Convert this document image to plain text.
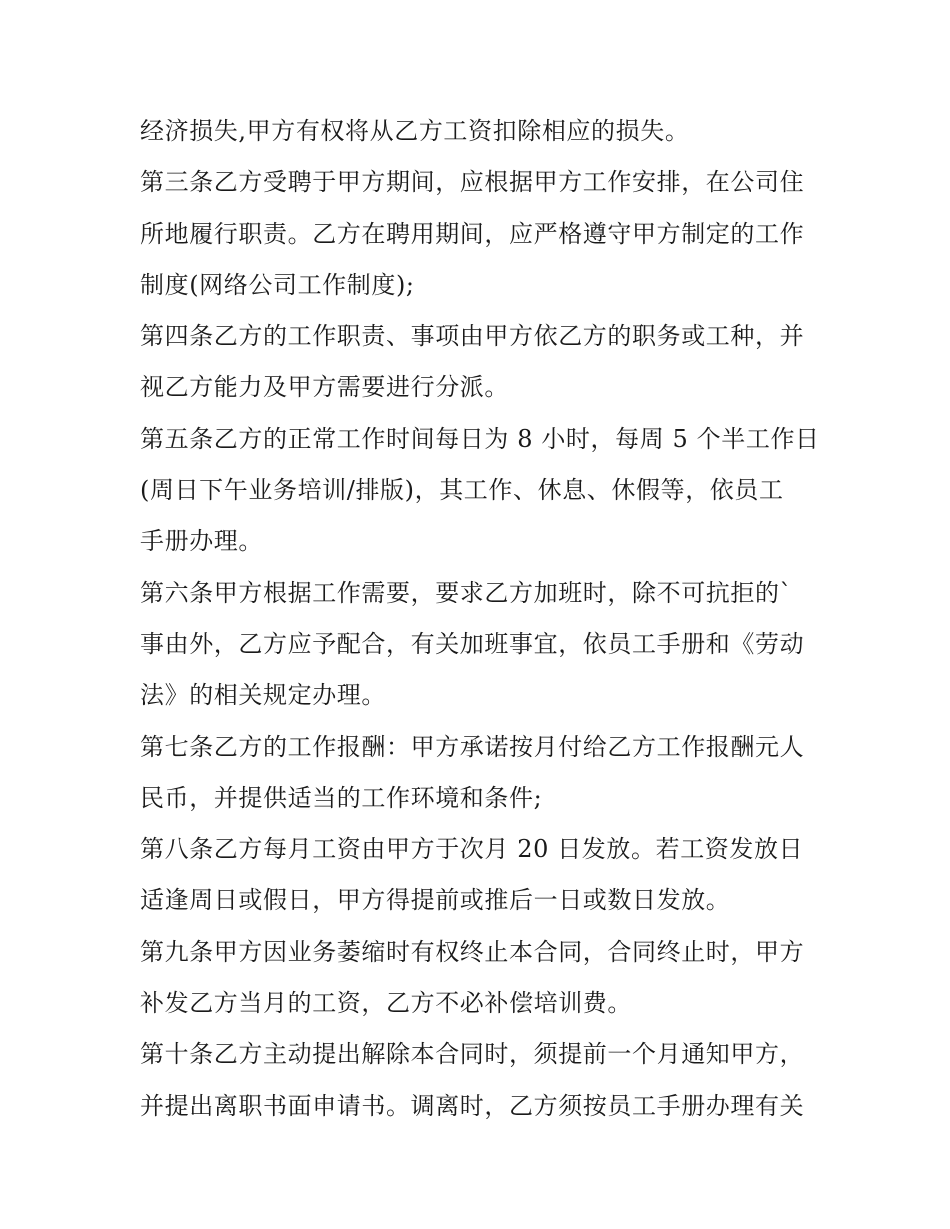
经济损失,甲方有权将从乙方工资扣除相应的损失。
第三条乙方受聘于甲方期间，应根据甲方工作安排，在公司住
所地履行职责。乙方在聘用期间，应严格遵守甲方制定的工作
制度(网络公司工作制度);
第四条乙方的工作职责、事项由甲方依乙方的职务或工种，并
视乙方能力及甲方需要进行分派。
第五条乙方的正常工作时间每日为 8 小时，每周 5 个半工作日
(周日下午业务培训/排版)，其工作、休息、休假等，依员工
手册办理。
第六条甲方根据工作需要，要求乙方加班时，除不可抗拒的`
事由外，乙方应予配合，有关加班事宜，依员工手册和《劳动
法》的相关规定办理。
第七条乙方的工作报酬：甲方承诺按月付给乙方工作报酬元人
民币，并提供适当的工作环境和条件;
第八条乙方每月工资由甲方于次月 20 日发放。若工资发放日
适逢周日或假日，甲方得提前或推后一日或数日发放。
第九条甲方因业务萎缩时有权终止本合同，合同终止时，甲方
补发乙方当月的工资，乙方不必补偿培训费。
第十条乙方主动提出解除本合同时，须提前一个月通知甲方，
并提出离职书面申请书。调离时，乙方须按员工手册办理有关
